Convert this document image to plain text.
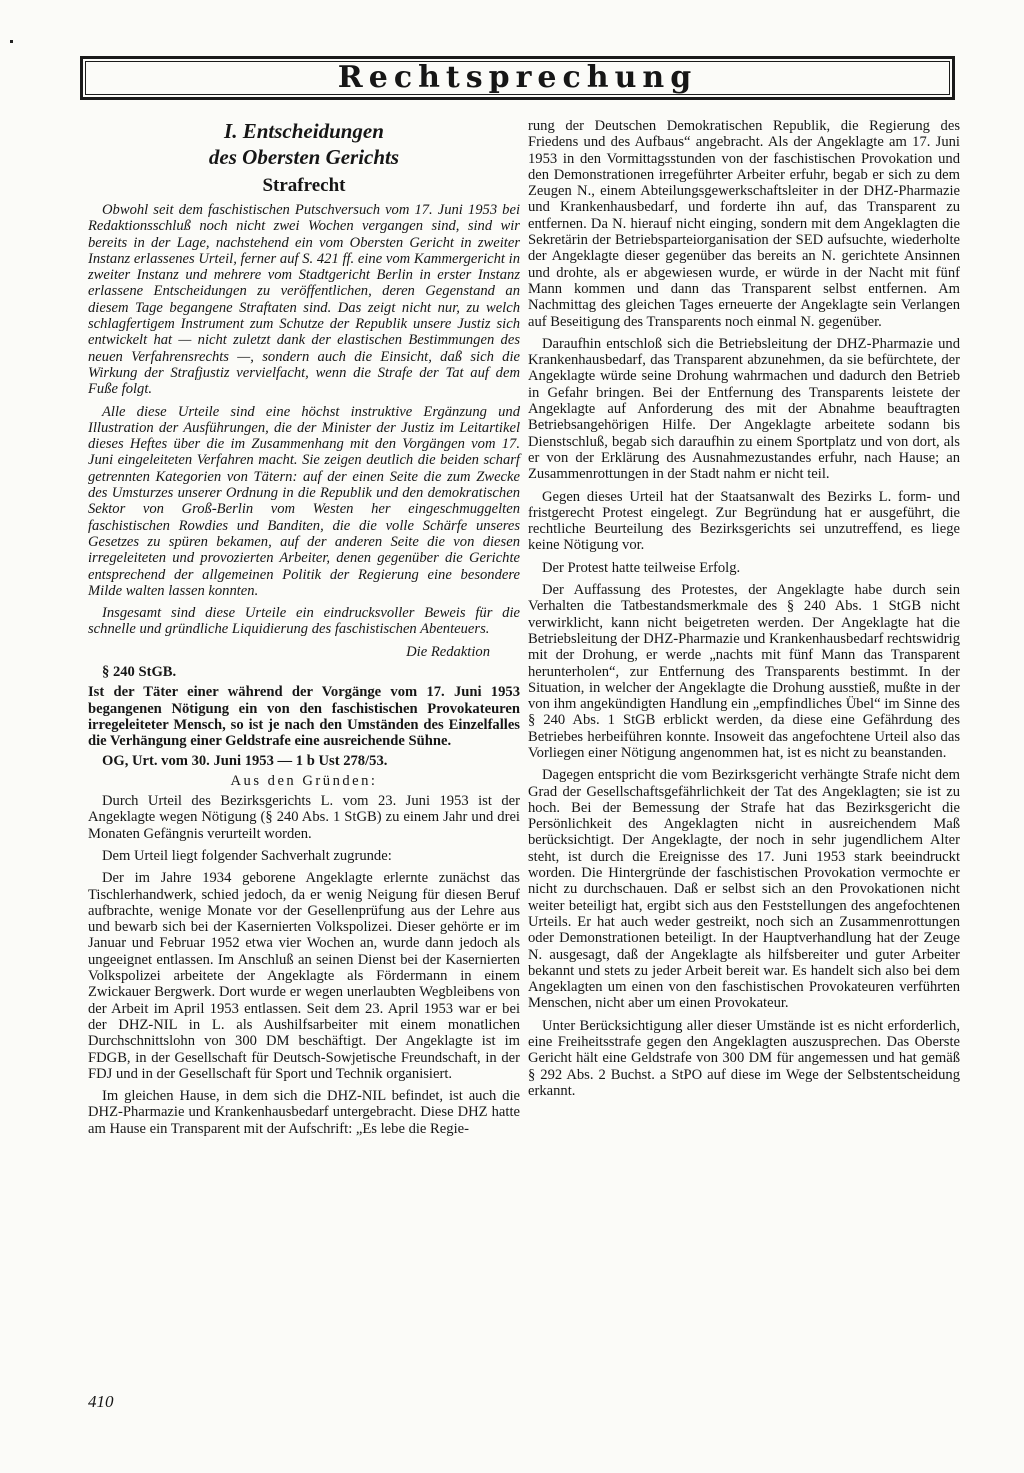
Rechtsprechung
I. Entscheidungen
des Obersten Gerichts
Strafrecht

Obwohl seit dem faschistischen Putschversuch vom 17. Juni 1953 bei Redaktionsschluß noch nicht zwei Wochen vergangen sind, sind wir bereits in der Lage, nachstehend ein vom Obersten Gericht in zweiter Instanz erlassenes Urteil, ferner auf S. 421 ff. eine vom Kammergericht in zweiter Instanz und mehrere vom Stadtgericht Berlin in erster Instanz erlassene Entscheidungen zu veröffentlichen, deren Gegenstand an diesem Tage begangene Straftaten sind. Das zeigt nicht nur, zu welch schlagfertigem Instrument zum Schutze der Republik unsere Justiz sich entwickelt hat — nicht zuletzt dank der elastischen Bestimmungen des neuen Verfahrensrechts —, sondern auch die Einsicht, daß sich die Wirkung der Strafjustiz vervielfacht, wenn die Strafe der Tat auf dem Fuße folgt.

Alle diese Urteile sind eine höchst instruktive Ergänzung und Illustration der Ausführungen, die der Minister der Justiz im Leitartikel dieses Heftes über die im Zusammenhang mit den Vorgängen vom 17. Juni eingeleiteten Verfahren macht. Sie zeigen deutlich die beiden scharf getrennten Kategorien von Tätern: auf der einen Seite die zum Zwecke des Umsturzes unserer Ordnung in die Republik und den demokratischen Sektor von Groß-Berlin vom Westen her eingeschmuggelten faschistischen Rowdies und Banditen, die die volle Schärfe unseres Gesetzes zu spüren bekamen, auf der anderen Seite die von diesen irregeleiteten und provozierten Arbeiter, denen gegenüber die Gerichte entsprechend der allgemeinen Politik der Regierung eine besondere Milde walten lassen konnten.

Insgesamt sind diese Urteile ein eindrucksvoller Beweis für die schnelle und gründliche Liquidierung des faschistischen Abenteuers.

Die Redaktion
§ 240 StGB.

Ist der Täter einer während der Vorgänge vom 17. Juni 1953 begangenen Nötigung ein von den faschistischen Provokateuren irregeleiteter Mensch, so ist je nach den Umständen des Einzelfalles die Verhängung einer Geldstrafe eine ausreichende Sühne.

OG, Urt. vom 30. Juni 1953 — 1 b Ust 278/53.

Aus den Gründen:

Durch Urteil des Bezirksgerichts L. vom 23. Juni 1953 ist der Angeklagte wegen Nötigung (§ 240 Abs. 1 StGB) zu einem Jahr und drei Monaten Gefängnis verurteilt worden.

Dem Urteil liegt folgender Sachverhalt zugrunde:

Der im Jahre 1934 geborene Angeklagte erlernte zunächst das Tischlerhandwerk, schied jedoch, da er wenig Neigung für diesen Beruf aufbrachte, wenige Monate vor der Gesellenprüfung aus der Lehre aus und bewarb sich bei der Kasernierten Volkspolizei. Dieser gehörte er im Januar und Februar 1952 etwa vier Wochen an, wurde dann jedoch als ungeeignet entlassen. Im Anschluß an seinen Dienst bei der Kasernierten Volkspolizei arbeitete der Angeklagte als Fördermann in einem Zwickauer Bergwerk. Dort wurde er wegen unerlaubten Wegbleibens von der Arbeit im April 1953 entlassen. Seit dem 23. April 1953 war er bei der DHZ-NIL in L. als Aushilfsarbeiter mit einem monatlichen Durchschnittslohn von 300 DM beschäftigt. Der Angeklagte ist im FDGB, in der Gesellschaft für Deutsch-Sowjetische Freundschaft, in der FDJ und in der Gesellschaft für Sport und Technik organisiert.

Im gleichen Hause, in dem sich die DHZ-NIL befindet, ist auch die DHZ-Pharmazie und Krankenhausbedarf untergebracht. Diese DHZ hatte am Hause ein Transparent mit der Aufschrift: „Es lebe die Regie-

rung der Deutschen Demokratischen Republik, die Regierung des Friedens und des Aufbaus“ angebracht. Als der Angeklagte am 17. Juni 1953 in den Vormittagsstunden von der faschistischen Provokation und den Demonstrationen irregeführter Arbeiter erfuhr, begab er sich zu dem Zeugen N., einem Abteilungsgewerkschaftsleiter in der DHZ-Pharmazie und Krankenhausbedarf, und forderte ihn auf, das Transparent zu entfernen. Da N. hierauf nicht einging, sondern mit dem Angeklagten die Sekretärin der Betriebsparteiorganisation der SED aufsuchte, wiederholte der Angeklagte dieser gegenüber das bereits an N. gerichtete Ansinnen und drohte, als er abgewiesen wurde, er würde in der Nacht mit fünf Mann kommen und dann das Transparent selbst entfernen. Am Nachmittag des gleichen Tages erneuerte der Angeklagte sein Verlangen auf Beseitigung des Transparents noch einmal N. gegenüber.

Daraufhin entschloß sich die Betriebsleitung der DHZ-Pharmazie und Krankenhausbedarf, das Transparent abzunehmen, da sie befürchtete, der Angeklagte würde seine Drohung wahrmachen und dadurch den Betrieb in Gefahr bringen. Bei der Entfernung des Transparents leistete der Angeklagte auf Anforderung des mit der Abnahme beauftragten Betriebsangehörigen Hilfe. Der Angeklagte arbeitete sodann bis Dienstschluß, begab sich daraufhin zu einem Sportplatz und von dort, als er von der Erklärung des Ausnahmezustandes erfuhr, nach Hause; an Zusammenrottungen in der Stadt nahm er nicht teil.

Gegen dieses Urteil hat der Staatsanwalt des Bezirks L. form- und fristgerecht Protest eingelegt. Zur Begründung hat er ausgeführt, die rechtliche Beurteilung des Bezirksgerichts sei unzutreffend, es liege keine Nötigung vor.

Der Protest hatte teilweise Erfolg.

Der Auffassung des Protestes, der Angeklagte habe durch sein Verhalten die Tatbestandsmerkmale des § 240 Abs. 1 StGB nicht verwirklicht, kann nicht beigetreten werden. Der Angeklagte hat die Betriebsleitung der DHZ-Pharmazie und Krankenhausbedarf rechtswidrig mit der Drohung, er werde „nachts mit fünf Mann das Transparent herunterholen“, zur Entfernung des Transparents bestimmt. In der Situation, in welcher der Angeklagte die Drohung ausstieß, mußte in der von ihm angekündigten Handlung ein „empfindliches Übel“ im Sinne des § 240 Abs. 1 StGB erblickt werden, da diese eine Gefährdung des Betriebes herbeiführen konnte. Insoweit das angefochtene Urteil also das Vorliegen einer Nötigung angenommen hat, ist es nicht zu beanstanden.

Dagegen entspricht die vom Bezirksgericht verhängte Strafe nicht dem Grad der Gesellschaftsgefährlichkeit der Tat des Angeklagten; sie ist zu hoch. Bei der Bemessung der Strafe hat das Bezirksgericht die Persönlichkeit des Angeklagten nicht in ausreichendem Maß berücksichtigt. Der Angeklagte, der noch in sehr jugendlichem Alter steht, ist durch die Ereignisse des 17. Juni 1953 stark beeindruckt worden. Die Hintergründe der faschistischen Provokation vermochte er nicht zu durchschauen. Daß er selbst sich an den Provokationen nicht weiter beteiligt hat, ergibt sich aus den Feststellungen des angefochtenen Urteils. Er hat auch weder gestreikt, noch sich an Zusammenrottungen oder Demonstrationen beteiligt. In der Hauptverhandlung hat der Zeuge N. ausgesagt, daß der Angeklagte als hilfsbereiter und guter Arbeiter bekannt und stets zu jeder Arbeit bereit war. Es handelt sich also bei dem Angeklagten um einen von den faschistischen Provokateuren verführten Menschen, nicht aber um einen Provokateur.

Unter Berücksichtigung aller dieser Umstände ist es nicht erforderlich, eine Freiheitsstrafe gegen den Angeklagten auszusprechen. Das Oberste Gericht hält eine Geldstrafe von 300 DM für angemessen und hat gemäß § 292 Abs. 2 Buchst. a StPO auf diese im Wege der Selbstentscheidung erkannt.

410
